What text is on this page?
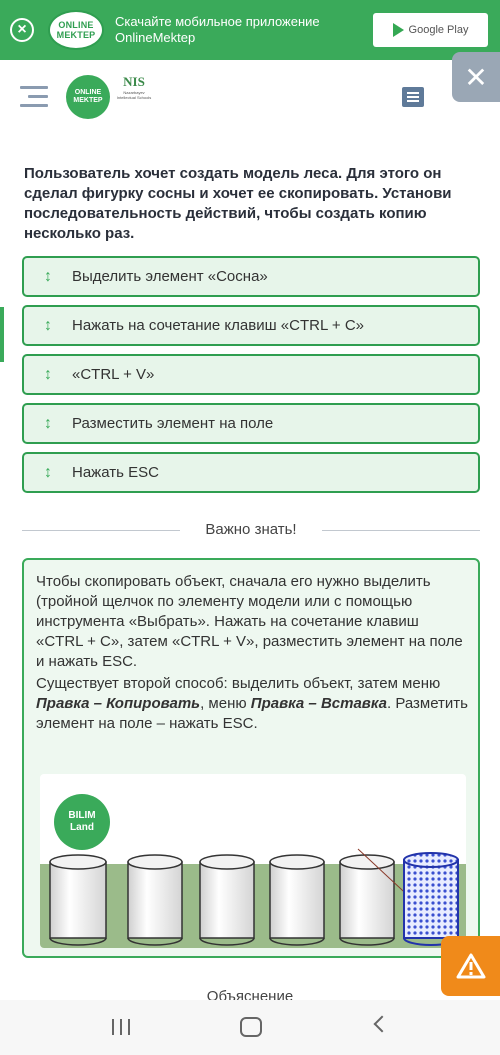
×	ONLINE
MEKTEP
Скачайте мобильное приложение OnlineMektep	Google Play
ONLINE
MEKTEP
NIS
Nazarbayev Intellectual Schools
✕
Пользователь хочет создать модель леса. Для этого он сделал фигурку сосны и хочет ее скопировать. Установи последовательность действий, чтобы создать копию несколько раз.
↕	Выделить элемент «Сосна»
↕	Нажать на сочетание клавиш «CTRL + C»
↕	«CTRL + V»
↕	Разместить элемент на поле
↕	Нажать ESC
Важно знать!

Чтобы скопировать объект, сначала его нужно выделить (тройной щелчок по элементу модели или с помощью инструмента «Выбрать». Нажать на сочетание клавиш «CTRL + C», затем «CTRL + V», разместить элемент на поле и нажать ESC.

Существует второй способ: выделить объект, затем меню Правка – Копировать, меню Правка – Вставка. Разметить элемент на поле – нажать ESC.

BILIM
Land
Объяснение
